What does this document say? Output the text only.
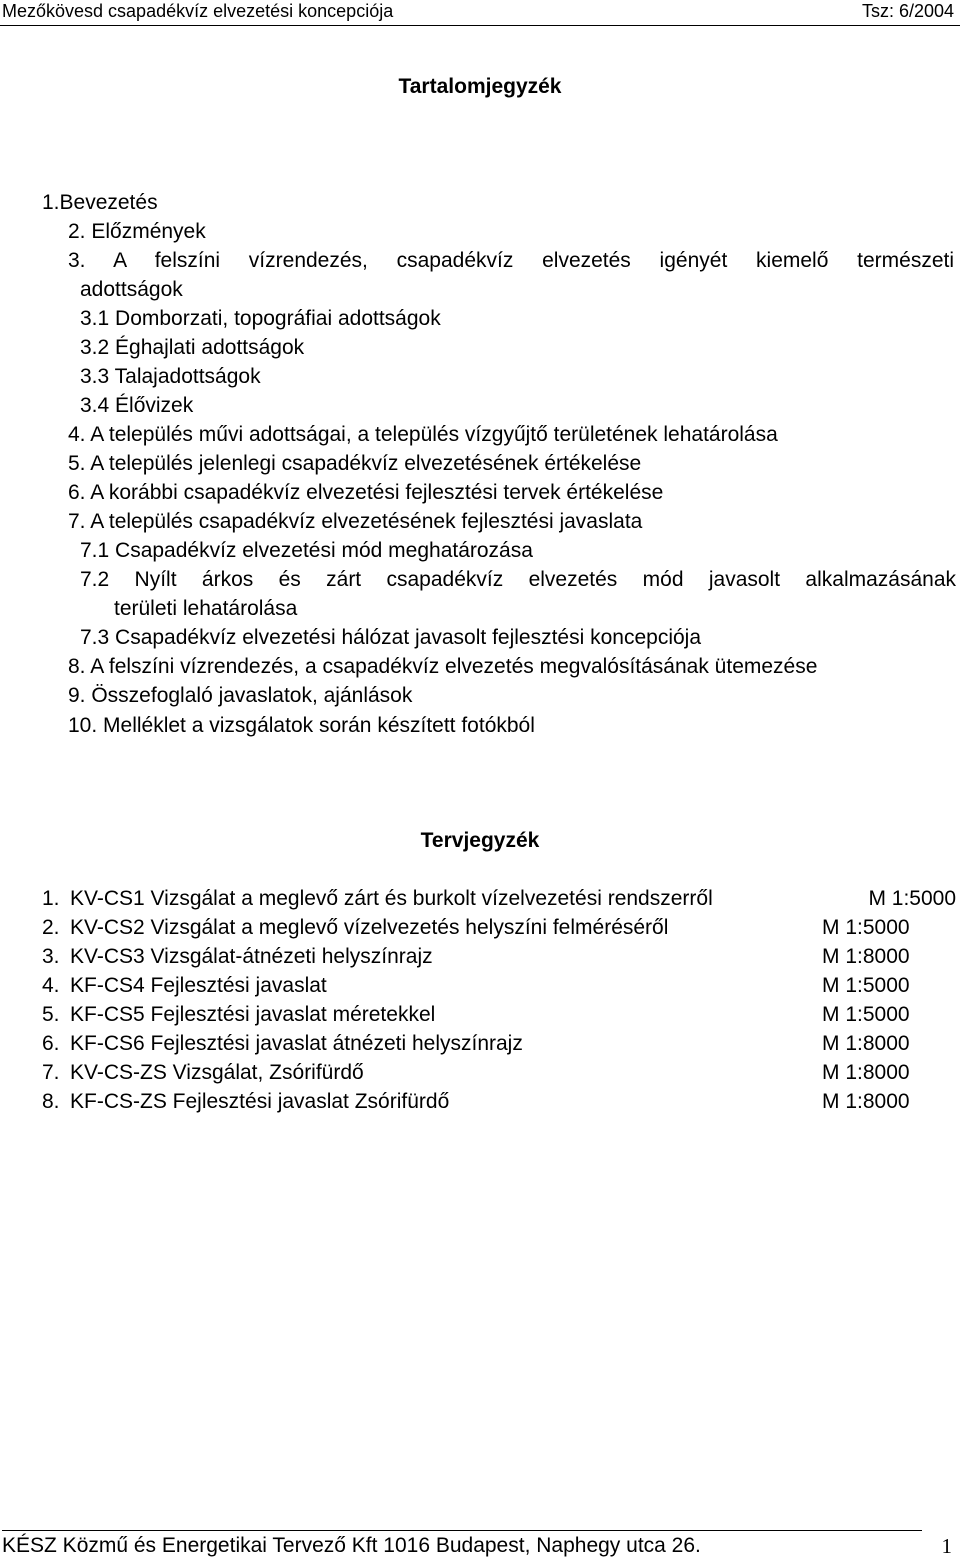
Mezőkövesd csapadékvíz elvezetési koncepciója	Tsz: 6/2004
Tartalomjegyzék
1.Bevezetés
2. Előzmények
3. A felszíni vízrendezés, csapadékvíz elvezetés igényét kiemelő természeti
adottságok
3.1 Domborzati, topográfiai adottságok
3.2 Éghajlati adottságok
3.3 Talajadottságok
3.4 Élővizek
4. A település művi adottságai, a település vízgyűjtő területének lehatárolása
5. A település jelenlegi csapadékvíz elvezetésének értékelése
6. A korábbi csapadékvíz elvezetési fejlesztési tervek értékelése
7. A település csapadékvíz elvezetésének fejlesztési javaslata
7.1 Csapadékvíz elvezetési mód meghatározása
7.2 Nyílt árkos és zárt csapadékvíz elvezetés mód javasolt alkalmazásának
területi lehatárolása
7.3 Csapadékvíz elvezetési hálózat javasolt fejlesztési koncepciója
8. A felszíni vízrendezés, a csapadékvíz elvezetés megvalósításának ütemezése
9. Összefoglaló javaslatok, ajánlások
10. Melléklet a vizsgálatok során készített fotókból
Tervjegyzék
1. KV-CS1 Vizsgálat a meglevő zárt és burkolt vízelvezetési rendszerről	M 1:5000
2. KV-CS2 Vizsgálat a meglevő vízelvezetés helyszíni felméréséről	M 1:5000
3. KV-CS3 Vizsgálat-átnézeti helyszínrajz	M 1:8000
4. KF-CS4 Fejlesztési javaslat	M 1:5000
5. KF-CS5 Fejlesztési javaslat méretekkel	M 1:5000
6. KF-CS6 Fejlesztési javaslat átnézeti helyszínrajz	M 1:8000
7. KV-CS-ZS Vizsgálat, Zsórifürdő	M 1:8000
8. KF-CS-ZS Fejlesztési javaslat Zsórifürdő	M 1:8000
KÉSZ Közmű és Energetikai Tervező Kft 1016 Budapest, Naphegy utca 26.	1
